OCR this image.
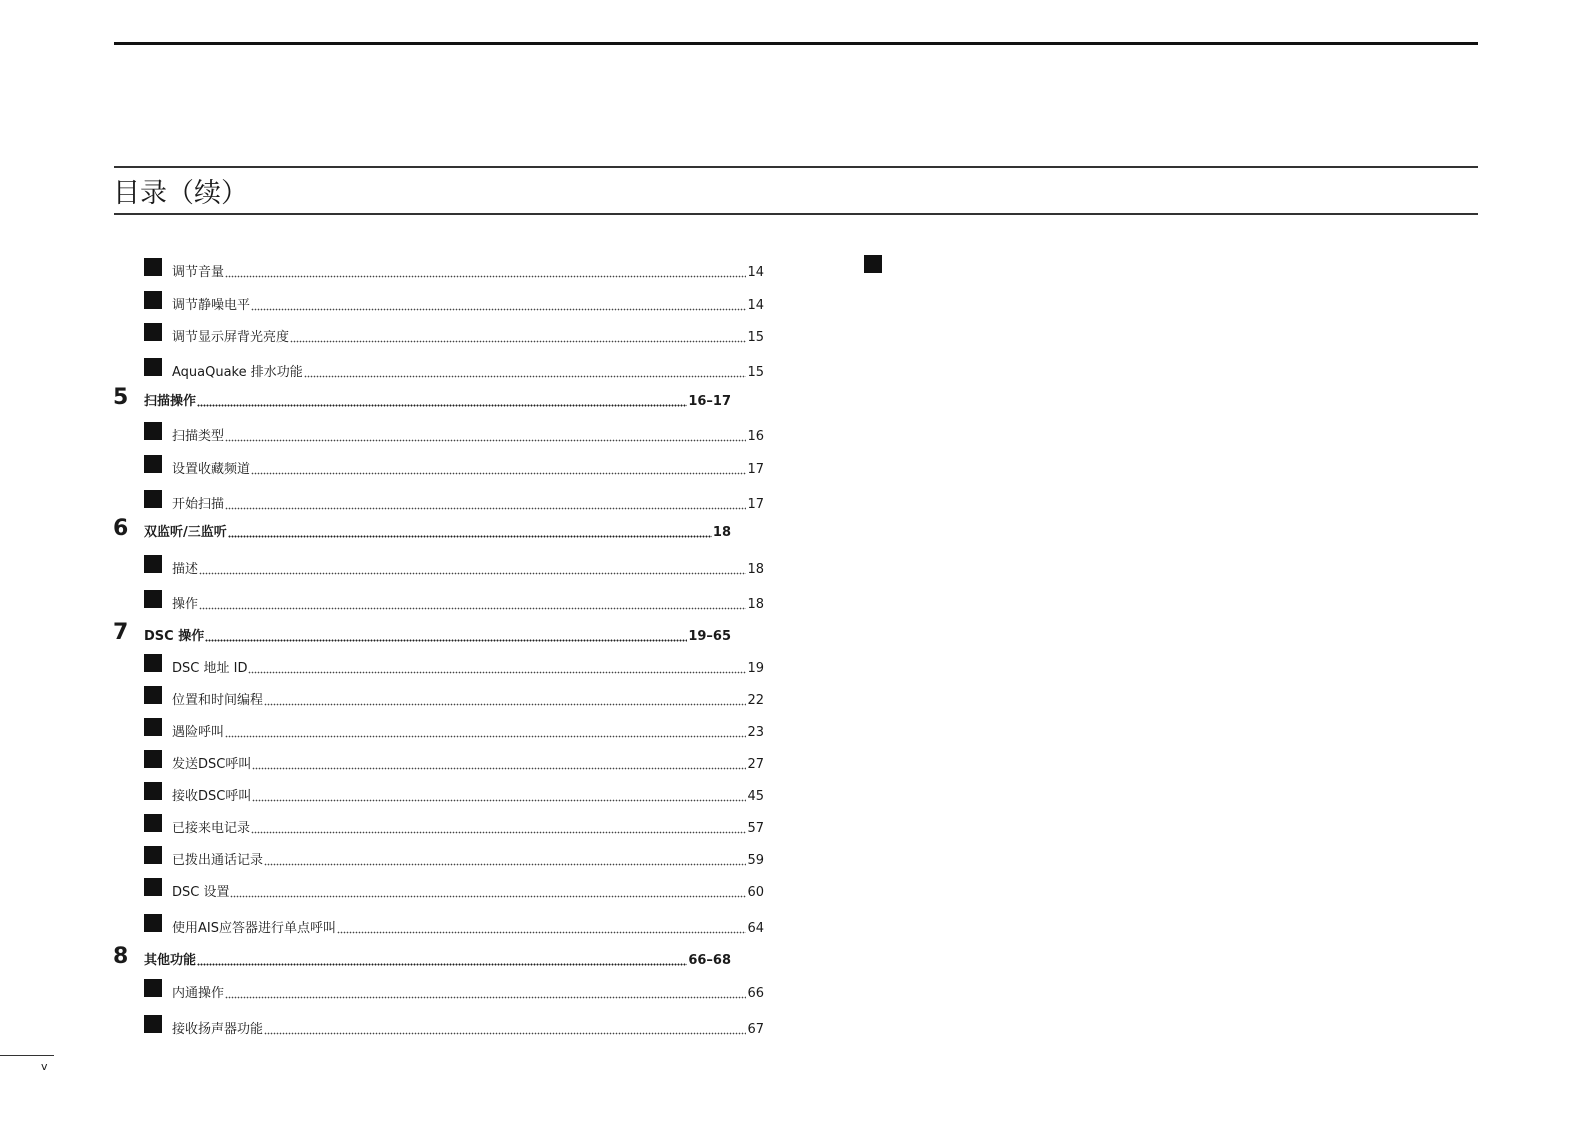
目录（续）
调节音量	14
调节静噪电平	14
调节显示屏背光亮度	15
AquaQuake 排水功能	15
5	扫描操作	16–17
扫描类型	16
设置收藏频道	17
开始扫描	17
6	双监听/三监听	18
描述	18
操作	18
7	DSC 操作	19–65
DSC 地址 ID	19
位置和时间编程	22
遇险呼叫	23
发送DSC呼叫	27
接收DSC呼叫	45
已接来电记录	57
已拨出通话记录	59
DSC 设置	60
使用AIS应答器进行单点呼叫	64
8	其他功能	66–68
内通操作	66
接收扬声器功能	67
v
